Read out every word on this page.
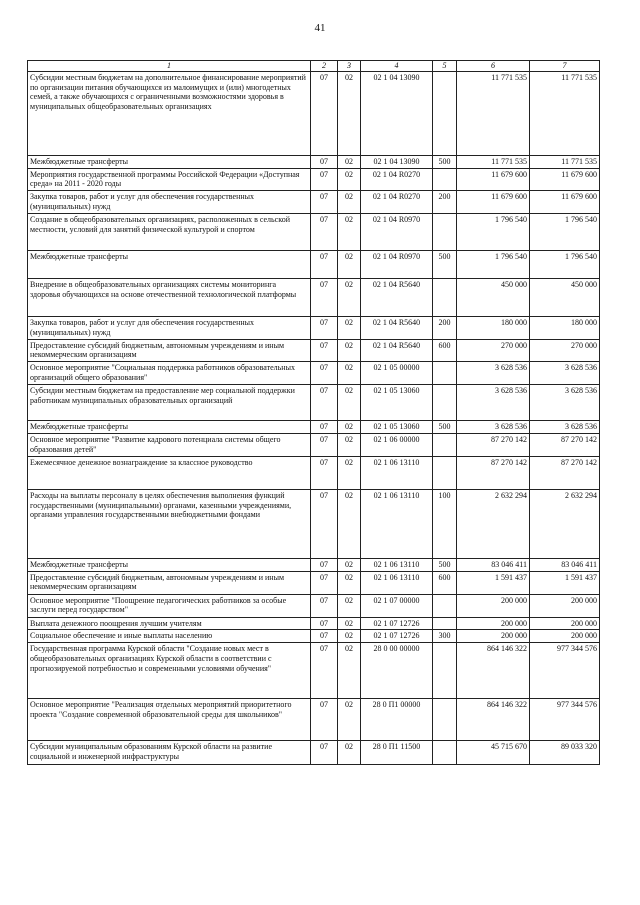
41
1	2	3	4	5	6	7
Субсидии местным бюджетам на дополнительное финансирование мероприятий по организации питания обучающихся из малоимущих и (или) многодетных семей, а также обучающихся с ограниченными возможностями здоровья в муниципальных общеобразовательных организациях	07	02	02 1 04 13090		11 771 535	11 771 535
Межбюджетные трансферты	07	02	02 1 04 13090	500	11 771 535	11 771 535
Мероприятия государственной программы Российской Федерации «Доступная среда» на 2011 - 2020 годы	07	02	02 1 04 R0270		11 679 600	11 679 600
Закупка товаров, работ и услуг для обеспечения государственных (муниципальных) нужд	07	02	02 1 04 R0270	200	11 679 600	11 679 600
Создание в общеобразовательных организациях, расположенных в сельской местности, условий для занятий физической культурой и спортом	07	02	02 1 04 R0970		1 796 540	1 796 540
Межбюджетные трансферты	07	02	02 1 04 R0970	500	1 796 540	1 796 540
Внедрение в общеобразовательных организациях системы мониторинга здоровья обучающихся на основе отечественной технологической платформы	07	02	02 1 04 R5640		450 000	450 000
Закупка товаров, работ и услуг для обеспечения государственных (муниципальных) нужд	07	02	02 1 04 R5640	200	180 000	180 000
Предоставление субсидий бюджетным, автономным учреждениям и иным некоммерческим организациям	07	02	02 1 04 R5640	600	270 000	270 000
Основное мероприятие "Социальная поддержка работников образовательных организаций общего образования"	07	02	02 1 05 00000		3 628 536	3 628 536
Субсидии местным бюджетам на предоставление мер социальной поддержки работникам муниципальных образовательных организаций	07	02	02 1 05 13060		3 628 536	3 628 536
Межбюджетные трансферты	07	02	02 1 05 13060	500	3 628 536	3 628 536
Основное мероприятие "Развитие кадрового потенциала системы общего образования детей"	07	02	02 1 06 00000		87 270 142	87 270 142
Ежемесячное денежное вознаграждение за классное руководство	07	02	02 1 06 13110		87 270 142	87 270 142
Расходы на выплаты персоналу в целях обеспечения выполнения функций государственными (муниципальными) органами, казенными учреждениями, органами управления государственными внебюджетными фондами	07	02	02 1 06 13110	100	2 632 294	2 632 294
Межбюджетные трансферты	07	02	02 1 06 13110	500	83 046 411	83 046 411
Предоставление субсидий бюджетным, автономным учреждениям и иным некоммерческим организациям	07	02	02 1 06 13110	600	1 591 437	1 591 437
Основное мероприятие "Поощрение педагогических работников за особые заслуги перед государством"	07	02	02 1 07 00000		200 000	200 000
Выплата денежного поощрения лучшим учителям	07	02	02 1 07 12726		200 000	200 000
Социальное обеспечение и иные выплаты населению	07	02	02 1 07 12726	300	200 000	200 000
Государственная программа Курской области "Создание новых мест в общеобразовательных организациях Курской области в соответствии с прогнозируемой потребностью и современными условиями обучения"	07	02	28 0 00 00000		864 146 322	977 344 576
Основное мероприятие "Реализация отдельных мероприятий приоритетного проекта "Создание современной образовательной среды для школьников"	07	02	28 0 П1 00000		864 146 322	977 344 576
Субсидии муниципальным образованиям Курской области на развитие социальной и инженерной инфраструктуры	07	02	28 0 П1 11500		45 715 670	89 033 320
